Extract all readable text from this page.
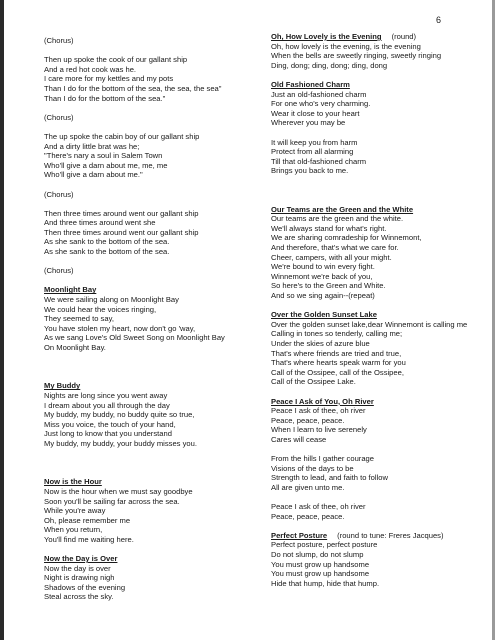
6
(Chorus)
Then up spoke the cook of our gallant ship
And a red hot cook was he.
I care more for my kettles and my pots
Than I do for the bottom of the sea, the sea, the sea"
Than I do for the bottom of the sea."
(Chorus)
The up spoke the cabin boy of our gallant ship
And a dirty little brat was he;
"There's nary a soul in Salem Town
Who'll give a darn about me, me, me
Who'll give a darn about me."
(Chorus)
Then three times around went our gallant ship
And three times around went she
Then three times around went our gallant ship
As she sank to the bottom of the sea.
As she sank to the bottom of the sea.
(Chorus)
Moonlight Bay
We were sailing along on Moonlight Bay
We could hear the voices ringing,
They seemed to say,
You have stolen my heart, now don't go 'way,
As we sang Love's Old Sweet Song on Moonlight Bay
On Moonlight Bay.
My Buddy
Nights are long since you went away
I dream about you all through the day
My buddy, my buddy, no buddy quite so true,
Miss you voice, the touch of your hand,
Just long to know that you understand
My buddy, my buddy, your buddy misses you.
Now is the Hour
Now is the hour when we must say goodbye
Soon you'll be sailing far across the sea.
While you're away
Oh, please remember me
When you return,
You'll find me waiting here.
Now the Day is Over
Now the day is over
Night is drawing nigh
Shadows of the evening
Steal across the sky.
Oh, How Lovely is the Evening (round)
Oh, how lovely is the evening, is the evening
When the bells are sweetly ringing, sweetly ringing
Ding, dong; ding, dong; ding, dong
Old Fashioned Charm
Just an old-fashioned charm
For one who's very charming.
Wear it close to your heart
Wherever you may be
It will keep you from harm
Protect from all alarming
Till that old-fashioned charm
Brings you back to me.
Our Teams are the Green and the White
Our teams are the green and the white.
We'll always stand for what's right.
We are sharing comradeship for Winnemont,
And therefore, that's what we care for.
Cheer, campers, with all your might.
We're bound to win every fight.
Winnemont we're back of you,
So here's to the Green and White.
And so we sing again--(repeat)
Over the Golden Sunset Lake
Over the golden sunset lake,dear Winnemont is calling me
Calling in tones so tenderly, calling me;
Under the skies of azure blue
That's where friends are tried and true,
That's where hearts speak warm for you
Call of the Ossipee, call of the Ossipee,
Call of the Ossipee Lake.
Peace I Ask of You, Oh River
Peace I ask of thee, oh river
Peace, peace, peace.
When I learn to live serenely
Cares will cease
From the hills I gather courage
Visions of the days to be
Strength to lead, and faith to follow
All are given unto me.
Peace I ask of thee, oh river
Peace, peace, peace.
Perfect Posture (round to tune: Freres Jacques)
Perfect posture, perfect posture
Do not slump, do not slump
You must grow up handsome
You must grow up handsome
Hide that hump, hide that hump.
